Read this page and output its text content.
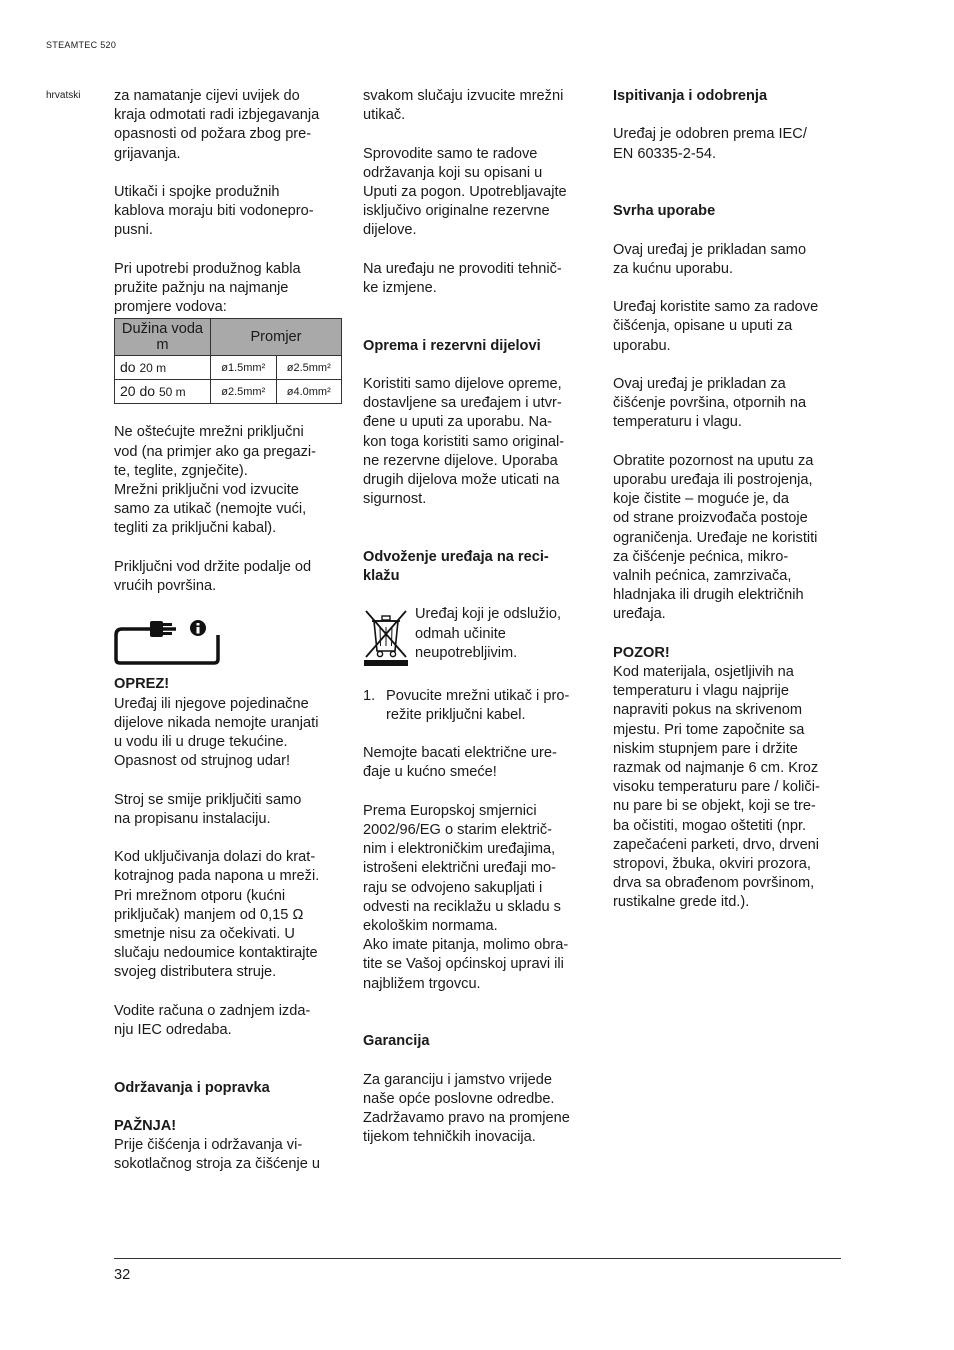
STEAMTEC 520
hrvatski za namatanje cijevi uvijek do
kraja odmotati radi izbjegavanja
opasnosti od požara zbog pre-
grijavanja.

Utikači i spojke produžnih
kablova moraju biti vodonepro-
pusni.

Pri upotrebi produžnog kabla
pružite pažnju na najmanje
promjere vodova:
Dužina voda m	Promjer	
do 20 m	ø1.5mm²	ø2.5mm²
20 do 50 m	ø2.5mm²	ø4.0mm²

Ne oštećujte mrežni priključni
vod (na primjer ako ga pregazi-
te, teglite, zgnječite).
Mrežni priključni vod izvucite
samo za utikač (nemojte vući,
tegliti za priključni kabal).

Priključni vod držite podalje od
vrućih površina.

OPREZ!

Uređaj ili njegove pojedinačne
dijelove nikada nemojte uranjati
u vodu ili u druge tekućine.
Opasnost od strujnog udar!

Stroj se smije priključiti samo
na propisanu instalaciju.

Kod uključivanja dolazi do krat-
kotrajnog pada napona u mreži.
Pri mrežnom otporu (kućni
priključak) manjem od 0,15 Ω
smetnje nisu za očekivati. U
slučaju nedoumice kontaktirajte
svojeg distributera struje.

Vodite računa o zadnjem izda-
nju IEC odredaba.

Održavanja i popravka
PAŽNJA!
Prije čišćenja i održavanja vi-
sokotlačnog stroja za čišćenje u

svakom slučaju izvucite mrežni
utikač.

Sprovodite samo te radove
održavanja koji su opisani u
Uputi za pogon. Upotrebljavajte
isključivo originalne rezervne
dijelove.

Na uređaju ne provoditi tehnič-
ke izmjene.

Oprema i rezervni dijelovi

Koristiti samo dijelove opreme,
dostavljene sa uređajem i utvr-
đene u uputi za uporabu. Na-
kon toga koristiti samo original-
ne rezervne dijelove. Uporaba
drugih dijelova može uticati na
sigurnost.

Odvoženje uređaja na reci-
klažu

Uređaj koji je odslužio,
odmah učinite
neupotrebljivim.
1. Povucite mrežni utikač i pro-
režite priključni kabel.

Nemojte bacati električne ure-
đaje u kućno smeće!

Prema Europskoj smjernici
2002/96/EG o starim električ-
nim i elektroničkim uređajima,
istrošeni električni uređaji mo-
raju se odvojeno sakupljati i
odvesti na reciklažu u skladu s
ekološkim normama.
Ako imate pitanja, molimo obra-
tite se Vašoj općinskoj upravi ili
najbližem trgovcu.

Garancija

Za garanciju i jamstvo vrijede
naše opće poslovne odredbe.
Zadržavamo pravo na promjene
tijekom tehničkih inovacija.

Ispitivanja i odobrenja

Uređaj je odobren prema IEC/
EN 60335-2-54.

Svrha uporabe

Ovaj uređaj je prikladan samo
za kućnu uporabu.

Uređaj koristite samo za radove
čišćenja, opisane u uputi za
uporabu.

Ovaj uređaj je prikladan za
čišćenje površina, otpornih na
temperaturu i vlagu.

Obratite pozornost na uputu za
uporabu uređaja ili postrojenja,
koje čistite – moguće je, da
od strane proizvođača postoje
ograničenja. Uređaje ne koristiti
za čišćenje pećnica, mikro-
valnih pećnica, zamrzivača,
hladnjaka ili drugih električnih
uređaja.

POZOR!
Kod materijala, osjetljivih na
temperaturu i vlagu najprije
napraviti pokus na skrivenom
mjestu. Pri tome započnite sa
niskim stupnjem pare i držite
razmak od najmanje 6 cm. Kroz
visoku temperaturu pare / količi-
nu pare bi se objekt, koji se tre-
ba očistiti, mogao oštetiti (npr.
zapečaćeni parketi, drvo, drveni
stropovi, žbuka, okviri prozora,
drva sa obrađenom površinom,
rustikalne grede itd.).
32
